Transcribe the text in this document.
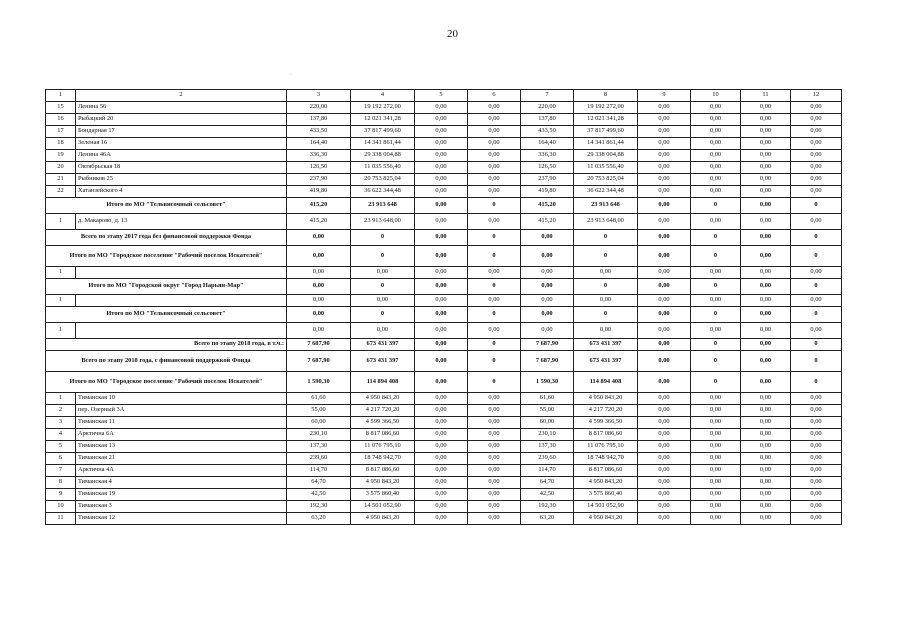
20
·
1	2	3	4	5	6	7	8	9	10	11	12
15	Ленина 56	220,00	19 192 272,00	0,00	0,00	220,00	19 192 272,00	0,00	0,00	0,00	0,00
16	Рыбацкий 20	137,80	12 021 341,28	0,00	0,00	137,80	12 021 341,28	0,00	0,00	0,00	0,00
17	Бондарная 17	433,50	37 817 499,60	0,00	0,00	433,50	37 817 499,60	0,00	0,00	0,00	0,00
18	Зеленая 16	164,40	14 341 861,44	0,00	0,00	164,40	14 341 861,44	0,00	0,00	0,00	0,00
19	Ленина 46А	336,30	29 338 004,88	0,00	0,00	336,30	29 338 004,88	0,00	0,00	0,00	0,00
20	Октябрьская 18	126,50	11 035 556,40	0,00	0,00	126,50	11 035 556,40	0,00	0,00	0,00	0,00
21	Рыбников 25	237,90	20 753 825,04	0,00	0,00	237,90	20 753 825,04	0,00	0,00	0,00	0,00
22	Хатанзейского 4	419,80	36 622 344,48	0,00	0,00	419,80	36 622 344,48	0,00	0,00	0,00	0,00
Итого по МО "Тельвисочный сельсовет"		415,20	23 913 648	0,00	0	415,20	23 913 648	0,00	0	0,00	0
1	д. Макарово, д. 13	415,20	23 913 648,00	0,00	0,00	415,20	23 913 648,00	0,00	0,00	0,00	0,00
Всего по этапу 2017 года без финансовой поддержки Фонда		0,00	0	0,00	0	0,00	0	0,00	0	0,00	0
Итого по МО "Городское поселение "Рабочий поселок Искателей"		0,00	0	0,00	0	0,00	0	0,00	0	0,00	0
1		0,00	0,00	0,00	0,00	0,00	0,00	0,00	0,00	0,00	0,00
Итого по МО "Городской округ "Город Нарьян-Мар"		0,00	0	0,00	0	0,00	0	0,00	0	0,00	0
1		0,00	0,00	0,00	0,00	0,00	0,00	0,00	0,00	0,00	0,00
Итого по МО "Тельвисочный сельсовет"		0,00	0	0,00	0	0,00	0	0,00	0	0,00	0
1		0,00	0,00	0,00	0,00	0,00	0,00	0,00	0,00	0,00	0,00
Всего по этапу 2018 года, в т.ч.:		7 687,90	673 431 397	0,00	0	7 687,90	673 431 397	0,00	0	0,00	0
Всего по этапу 2018 года, с финансовой поддержкой Фонда		7 687,90	673 431 397	0,00	0	7 687,90	673 431 397	0,00	0	0,00	0
Итого по МО "Городское поселение "Рабочий поселок Искателей"		1 590,30	114 894 408	0,00	0	1 590,30	114 894 408	0,00	0	0,00	0
1	Тиманская 10	61,60	4 950 843,20	0,00	0,00	61,60	4 950 843,20	0,00	0,00	0,00	0,00
2	пер. Озерный 3А	55,00	4 217 720,20	0,00	0,00	55,00	4 217 720,20	0,00	0,00	0,00	0,00
3	Тиманская 11	60,00	4 599 366,50	0,00	0,00	60,00	4 599 366,50	0,00	0,00	0,00	0,00
4	Арктична 6А	230,10	8 817 086,60	0,00	0,00	230,10	8 817 086,60	0,00	0,00	0,00	0,00
5	Тиманская 13	137,30	11 076 795,10	0,00	0,00	137,30	11 076 795,10	0,00	0,00	0,00	0,00
6	Тиманская 21	239,60	18 748 942,70	0,00	0,00	239,60	18 748 942,70	0,00	0,00	0,00	0,00
7	Арктична 4А	114,70	8 817 086,60	0,00	0,00	114,70	8 817 086,60	0,00	0,00	0,00	0,00
8	Тиманская 4	64,70	4 950 843,20	0,00	0,00	64,70	4 950 843,20	0,00	0,00	0,00	0,00
9	Тиманская 19	42,50	3 575 860,40	0,00	0,00	42,50	3 575 860,40	0,00	0,00	0,00	0,00
10	Тиманская 3	192,30	14 501 052,90	0,00	0,00	192,30	14 501 052,90	0,00	0,00	0,00	0,00
11	Тиманская 12	63,20	4 950 843,20	0,00	0,00	63,20	4 950 843,20	0,00	0,00	0,00	0,00
